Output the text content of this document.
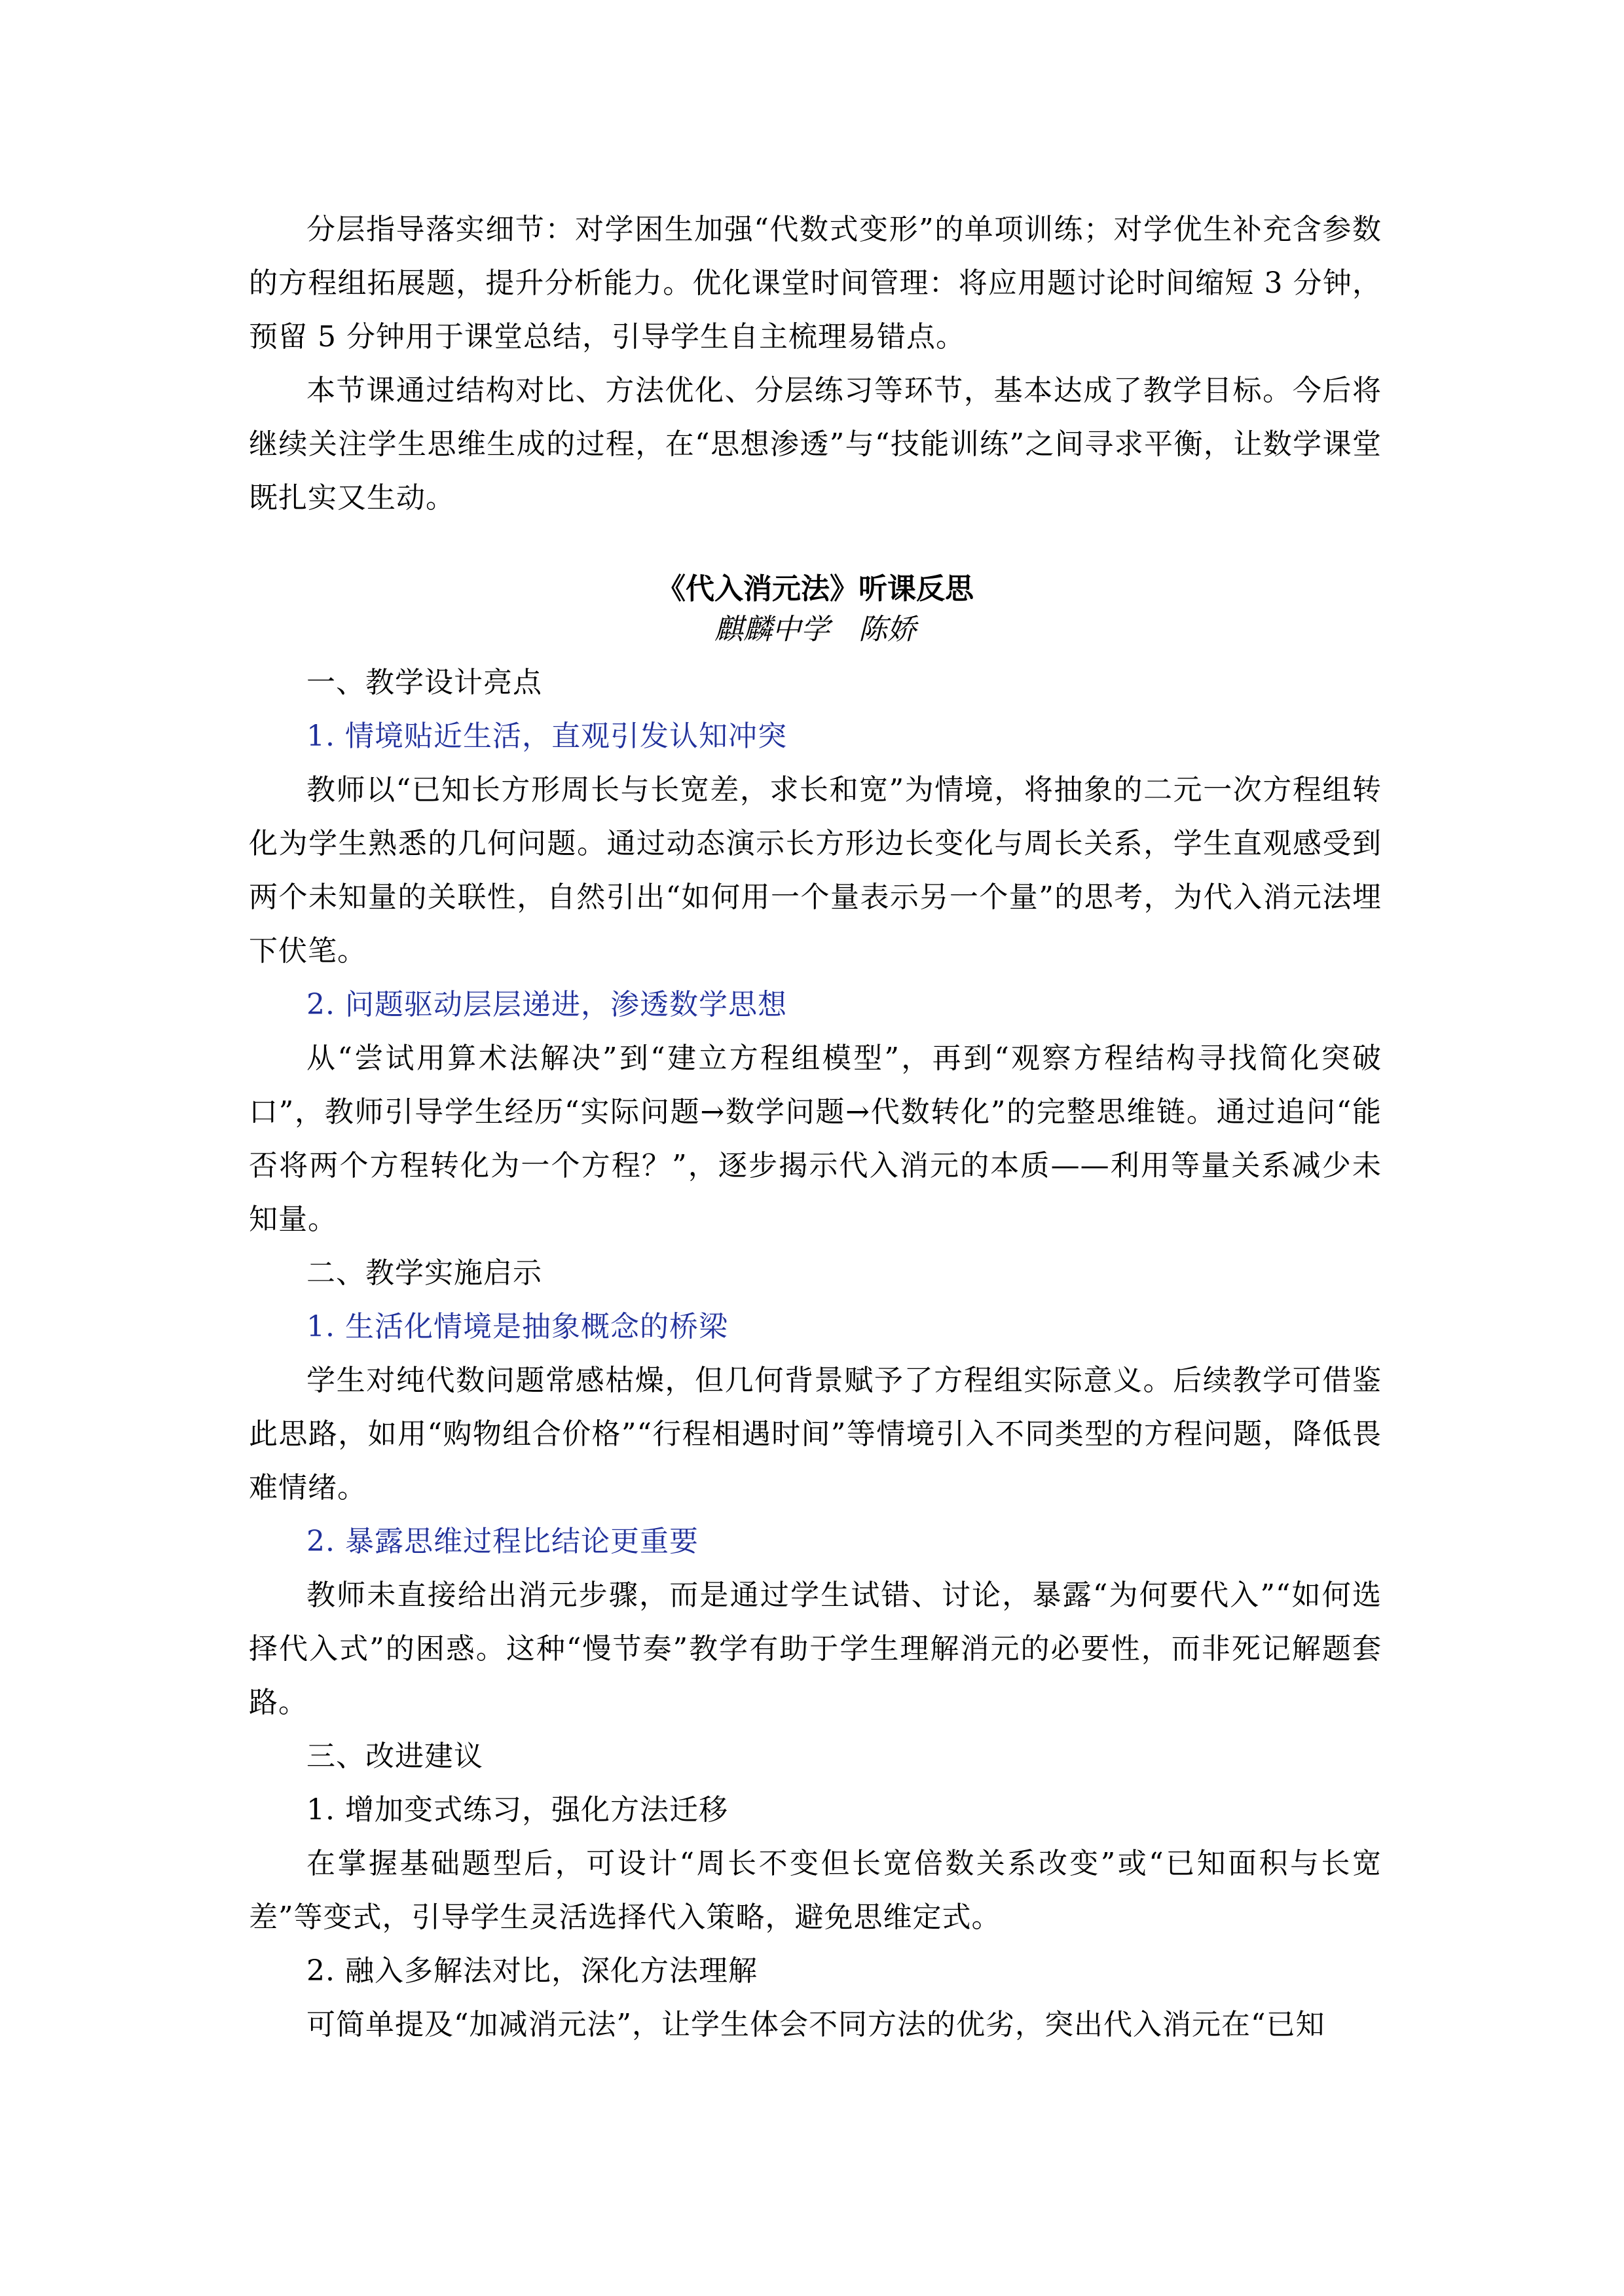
分层指导落实细节：对学困生加强“代数式变形”的单项训练；对学优生补充含参数的方程组拓展题，提升分析能力。优化课堂时间管理：将应用题讨论时间缩短 3 分钟，预留 5 分钟用于课堂总结，引导学生自主梳理易错点。

本节课通过结构对比、方法优化、分层练习等环节，基本达成了教学目标。今后将继续关注学生思维生成的过程，在“思想渗透”与“技能训练”之间寻求平衡，让数学课堂既扎实又生动。

《代入消元法》听课反思

麒麟中学　陈娇

一、教学设计亮点

1. 情境贴近生活，直观引发认知冲突

教师以“已知长方形周长与长宽差，求长和宽”为情境，将抽象的二元一次方程组转化为学生熟悉的几何问题。通过动态演示长方形边长变化与周长关系，学生直观感受到两个未知量的关联性，自然引出“如何用一个量表示另一个量”的思考，为代入消元法埋下伏笔。

2. 问题驱动层层递进，渗透数学思想

从“尝试用算术法解决”到“建立方程组模型”，再到“观察方程结构寻找简化突破口”，教师引导学生经历“实际问题→数学问题→代数转化”的完整思维链。通过追问“能否将两个方程转化为一个方程？”，逐步揭示代入消元的本质——利用等量关系减少未知量。

二、教学实施启示

1. 生活化情境是抽象概念的桥梁

学生对纯代数问题常感枯燥，但几何背景赋予了方程组实际意义。后续教学可借鉴此思路，如用“购物组合价格”“行程相遇时间”等情境引入不同类型的方程问题，降低畏难情绪。

2. 暴露思维过程比结论更重要

教师未直接给出消元步骤，而是通过学生试错、讨论，暴露“为何要代入”“如何选择代入式”的困惑。这种“慢节奏”教学有助于学生理解消元的必要性，而非死记解题套路。

三、改进建议

1. 增加变式练习，强化方法迁移

在掌握基础题型后，可设计“周长不变但长宽倍数关系改变”或“已知面积与长宽差”等变式，引导学生灵活选择代入策略，避免思维定式。

2. 融入多解法对比，深化方法理解

可简单提及“加减消元法”，让学生体会不同方法的优劣，突出代入消元在“已知
